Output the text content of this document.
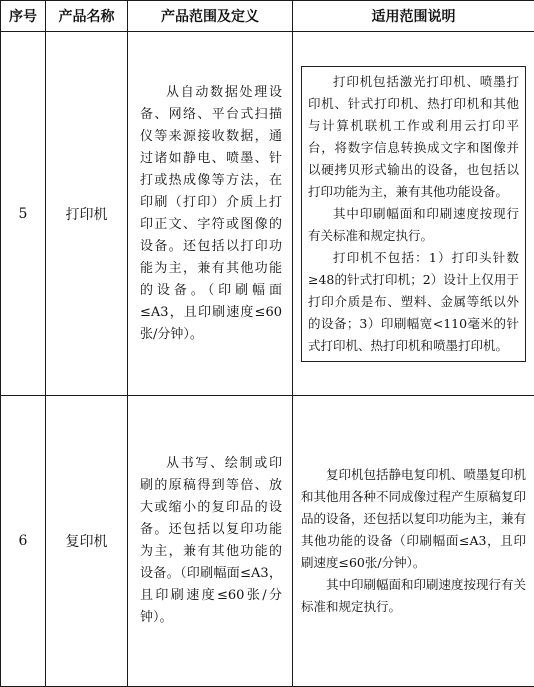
序号	产品名称	产品范围及定义	适用范围说明
5	打印机	从自动数据处理设备、网络、平台式扫描仪等来源接收数据，通过诸如静电、喷墨、针打或热成像等方法，在印刷（打印）介质上打印正文、字符或图像的设备。还包括以打印功能为主，兼有其他功能的设备。（印刷幅面≤A3，且印刷速度≤60张/分钟）。	打印机包括激光打印机、喷墨打印机、针式打印机、热打印机和其他与计算机联机工作或利用云打印平台，将数字信息转换成文字和图像并以硬拷贝形式输出的设备，也包括以打印功能为主，兼有其他功能设备。

其中印刷幅面和印刷速度按现行有关标准和规定执行。

打印机不包括：1）打印头针数≥48的针式打印机；2）设计上仅用于打印介质是布、塑料、金属等纸以外的设备；3）印刷幅宽<110毫米的针式打印机、热打印机和喷墨打印机。

6	复印机	从书写、绘制或印刷的原稿得到等倍、放大或缩小的复印品的设备。还包括以复印功能为主，兼有其他功能的设备。（印刷幅面≤A3，且印刷速度≤60张/分钟）。	复印机包括静电复印机、喷墨复印机和其他用各种不同成像过程产生原稿复印品的设备，还包括以复印功能为主，兼有其他功能的设备（印刷幅面≤A3，且印刷速度≤60张/分钟）。

其中印刷幅面和印刷速度按现行有关标准和规定执行。
